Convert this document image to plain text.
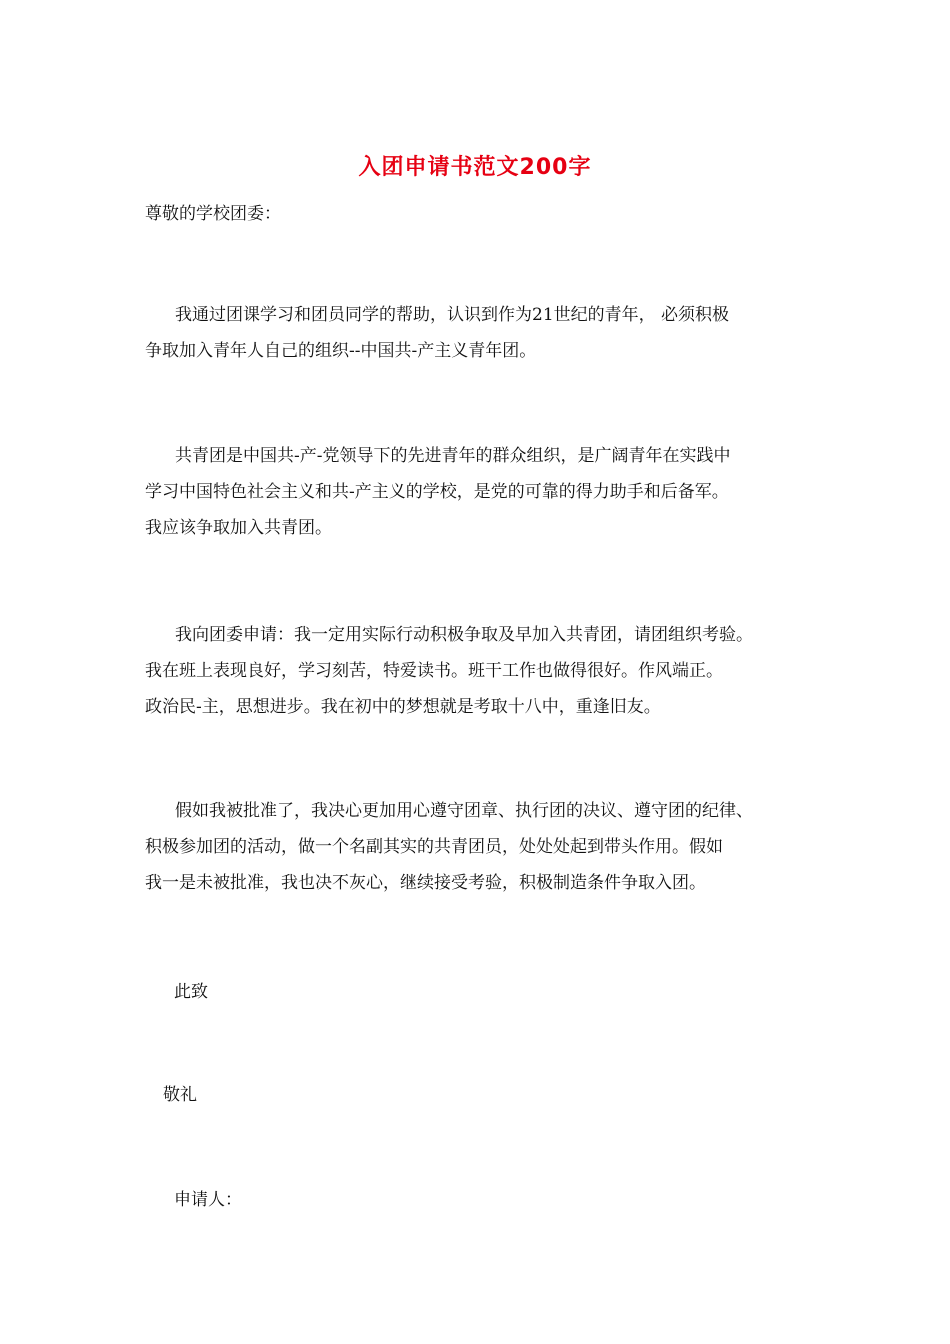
入团申请书范文200字

尊敬的学校团委：

我通过团课学习和团员同学的帮助，认识到作为21世纪的青年， 必须积极
争取加入青年人自己的组织--中国共-产主义青年团。
共青团是中国共-产-党领导下的先进青年的群众组织，是广阔青年在实践中
学习中国特色社会主义和共-产主义的学校，是党的可靠的得力助手和后备军。
我应该争取加入共青团。
我向团委申请：我一定用实际行动积极争取及早加入共青团，请团组织考验。
我在班上表现良好，学习刻苦，特爱读书。班干工作也做得很好。作风端正。
政治民-主，思想进步。我在初中的梦想就是考取十八中，重逢旧友。
假如我被批准了，我决心更加用心遵守团章、执行团的决议、遵守团的纪律、
积极参加团的活动，做一个名副其实的共青团员，处处处起到带头作用。假如
我一是未被批准，我也决不灰心，继续接受考验，积极制造条件争取入团。

此致

敬礼

申请人：
